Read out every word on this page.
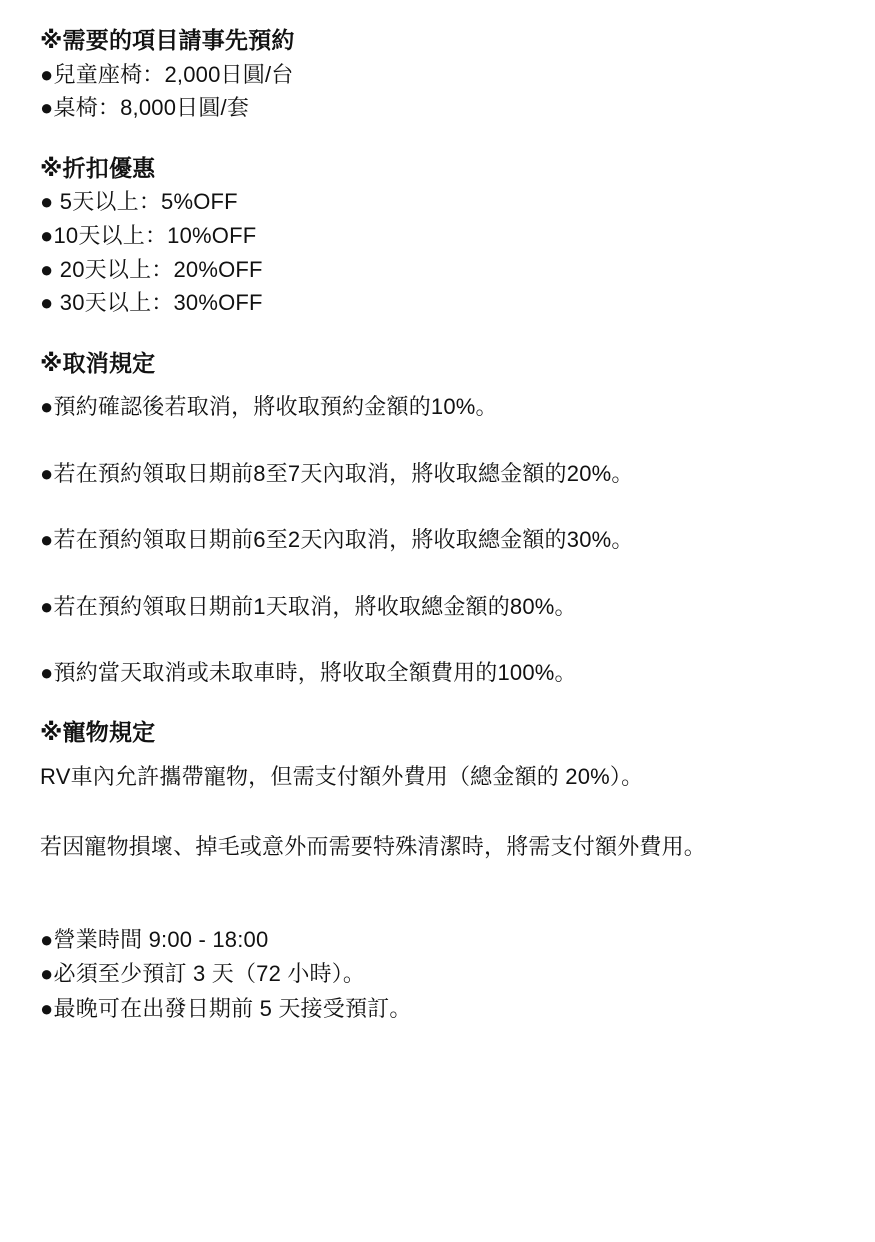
※需要的項目請事先預約

●兒童座椅：2,000日圓/台

●桌椅：8,000日圓/套

※折扣優惠

● 5天以上：5%OFF

●10天以上：10%OFF

● 20天以上：20%OFF

● 30天以上：30%OFF

※取消規定

●預約確認後若取消，將收取預約金額的10%。

●若在預約領取日期前8至7天內取消，將收取總金額的20%。

●若在預約領取日期前6至2天內取消，將收取總金額的30%。

●若在預約領取日期前1天取消，將收取總金額的80%。

●預約當天取消或未取車時，將收取全額費用的100%。

※寵物規定

RV車內允許攜帶寵物，但需支付額外費用（總金額的 20%）。

若因寵物損壞、掉毛或意外而需要特殊清潔時，將需支付額外費用。

●營業時間 9:00 - 18:00

●必須至少預訂 3 天（72 小時）。

●最晚可在出發日期前 5 天接受預訂。
